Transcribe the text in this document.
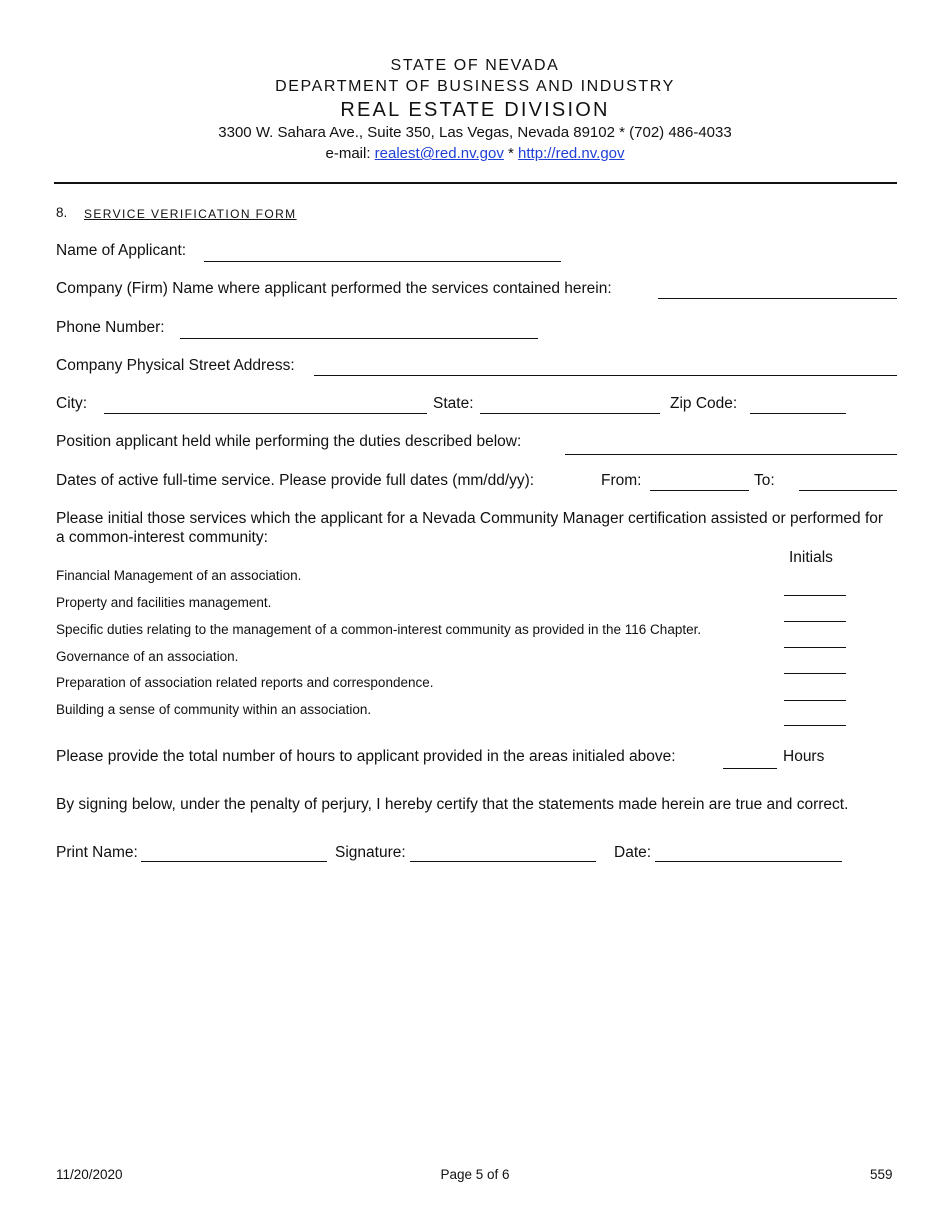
STATE OF NEVADA
DEPARTMENT OF BUSINESS AND INDUSTRY
REAL ESTATE DIVISION
3300 W. Sahara Ave., Suite 350, Las Vegas, Nevada 89102 * (702) 486-4033
e-mail: realest@red.nv.gov * http://red.nv.gov
8. SERVICE VERIFICATION FORM
Name of Applicant:
Company (Firm) Name where applicant performed the services contained herein:
Phone Number:
Company Physical Street Address:
City:	State:	Zip Code:
Position applicant held while performing the duties described below:
Dates of active full-time service. Please provide full dates (mm/dd/yy):	From:	To:
Please initial those services which the applicant for a Nevada Community Manager certification assisted or performed for
a common-interest community:
Initials
Financial Management of an association.
Property and facilities management.
Specific duties relating to the management of a common-interest community as provided in the 116 Chapter.
Governance of an association.
Preparation of association related reports and correspondence.
Building a sense of community within an association.
Please provide the total number of hours to applicant provided in the areas initialed above:	Hours
By signing below, under the penalty of perjury, I hereby certify that the statements made herein are true and correct.
Print Name:	Signature:	Date:
11/20/2020	Page 5 of 6	559
